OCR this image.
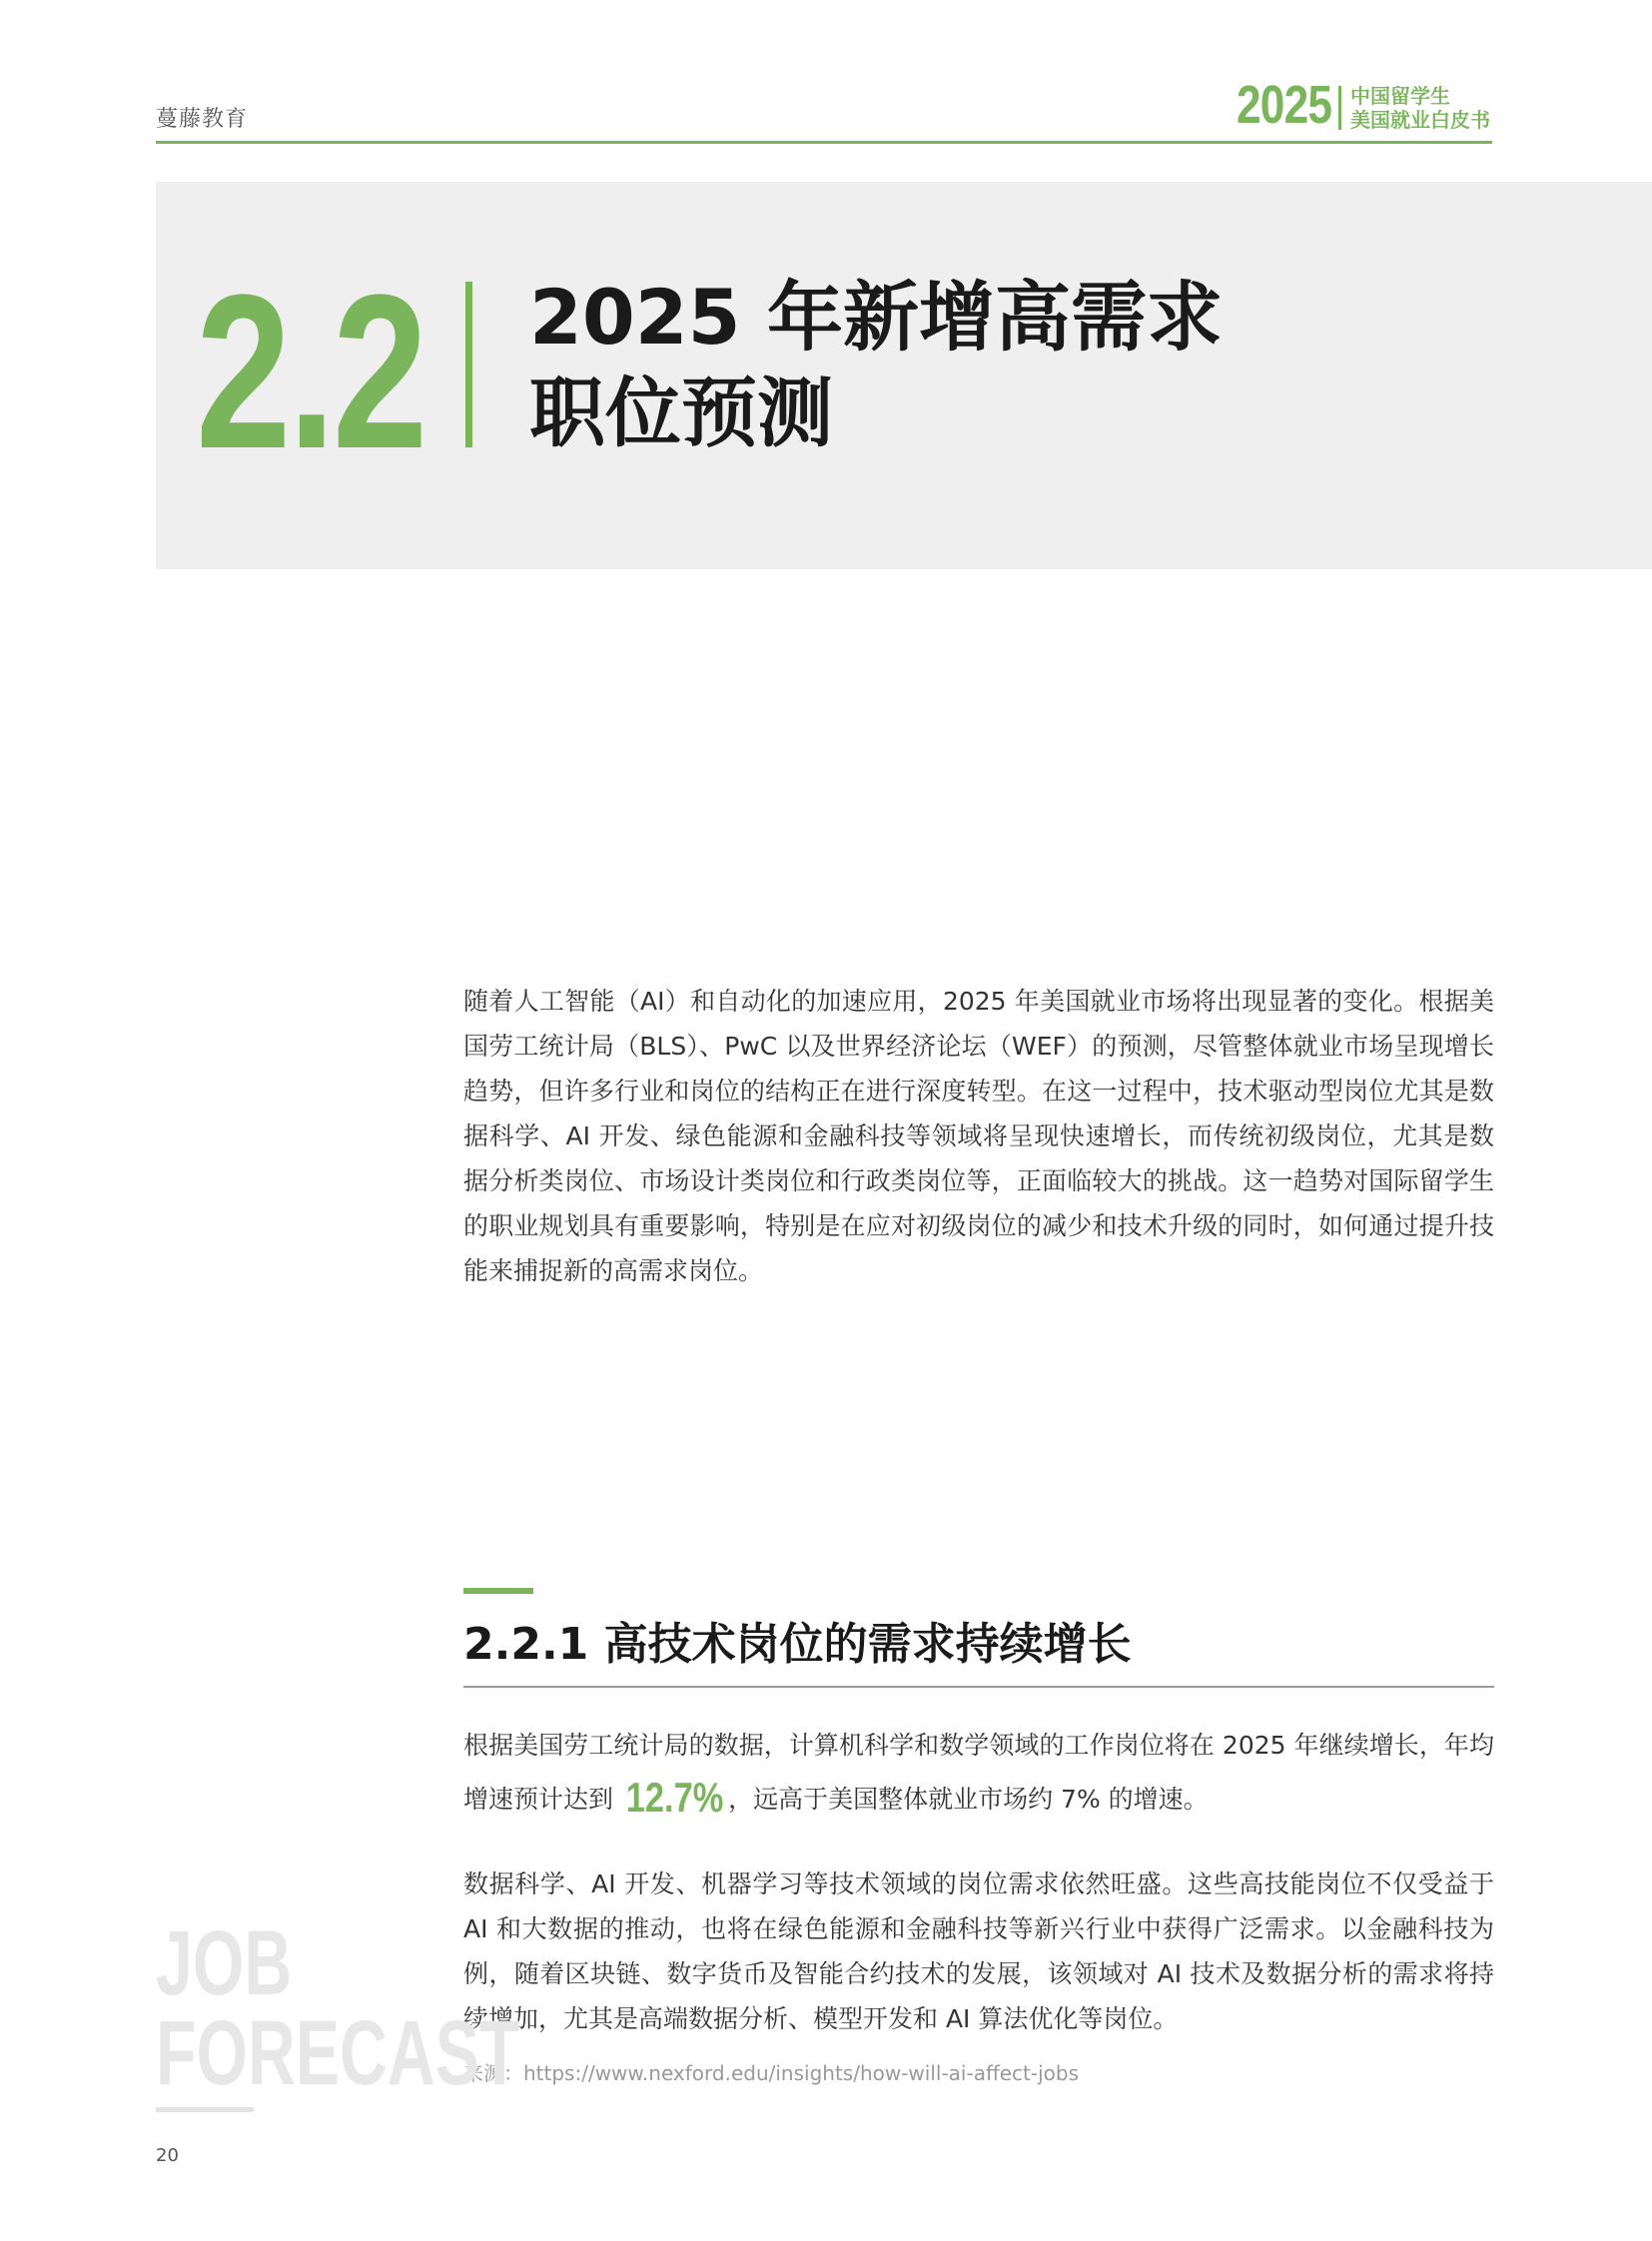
蔓藤教育	2025 中国留学生
美国就业白皮书
2.2 2025 年新增高需求
职位预测
随着人工智能（AI）和自动化的加速应用，2025 年美国就业市场将出现显著的变化。根据美国劳工统计局（BLS）、PwC 以及世界经济论坛（WEF）的预测，尽管整体就业市场呈现增长趋势，但许多行业和岗位的结构正在进行深度转型。在这一过程中，技术驱动型岗位尤其是数据科学、AI 开发、绿色能源和金融科技等领域将呈现快速增长，而传统初级岗位，尤其是数据分析类岗位、市场设计类岗位和行政类岗位等，正面临较大的挑战。这一趋势对国际留学生的职业规划具有重要影响，特别是在应对初级岗位的减少和技术升级的同时，如何通过提升技能来捕捉新的高需求岗位。
2.2.1 高技术岗位的需求持续增长
根据美国劳工统计局的数据，计算机科学和数学领域的工作岗位将在 2025 年继续增长，年均增速预计达到 12.7% ，远高于美国整体就业市场约 7% 的增速。
数据科学、AI 开发、机器学习等技术领域的岗位需求依然旺盛。这些高技能岗位不仅受益于 AI 和大数据的推动，也将在绿色能源和金融科技等新兴行业中获得广泛需求。以金融科技为例，随着区块链、数字货币及智能合约技术的发展，该领域对 AI 技术及数据分析的需求将持续增加，尤其是高端数据分析、模型开发和 AI 算法优化等岗位。
来源：https://www.nexford.edu/insights/how-will-ai-affect-jobs
JOB
FORECAST
20
